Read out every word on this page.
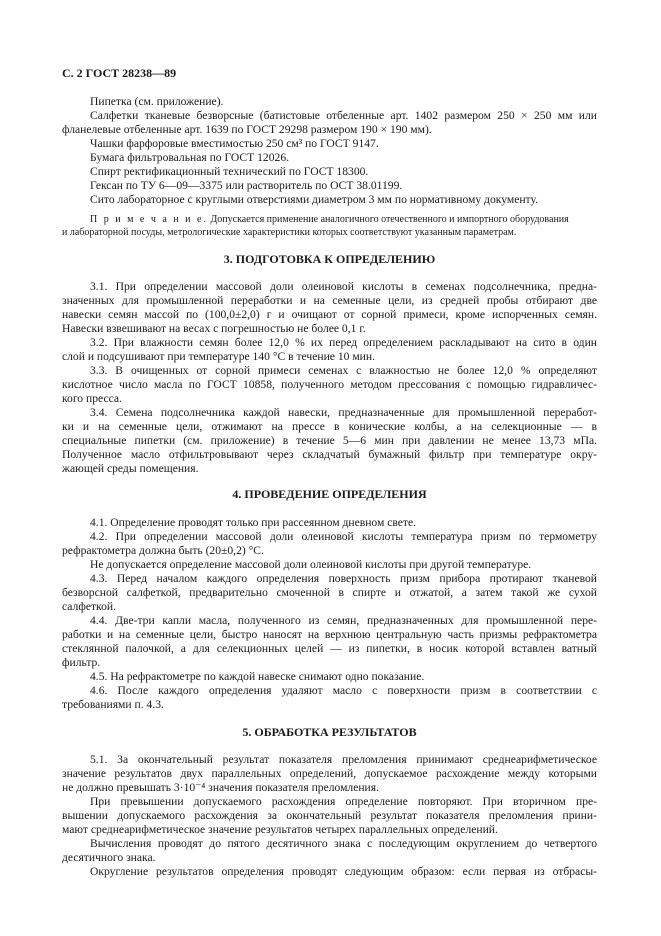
С. 2 ГОСТ 28238—89
Пипетка (см. приложение).
Салфетки тканевые безворсные (батистовые отбеленные арт. 1402 размером 250 × 250 мм или
фланелевые отбеленные арт. 1639 по ГОСТ 29298 размером 190 × 190 мм).
Чашки фарфоровые вместимостью 250 см³ по ГОСТ 9147.
Бумага фильтровальная по ГОСТ 12026.
Спирт ректификационный технический по ГОСТ 18300.
Гексан по ТУ 6—09—3375 или растворитель по ОСТ 38.01199.
Сито лабораторное с круглыми отверстиями диаметром 3 мм по нормативному документу.
П р и м е ч а н и е. Допускается применение аналогичного отечественного и импортного оборудования
и лабораторной посуды, метрологические характеристики которых соответствуют указанным параметрам.
3. ПОДГОТОВКА К ОПРЕДЕЛЕНИЮ
3.1. При определении массовой доли олеиновой кислоты в семенах подсолнечника, предна-
значенных для промышленной переработки и на семенные цели, из средней пробы отбирают две
навески семян массой по (100,0±2,0) г и очищают от сорной примеси, кроме испорченных семян.
Навески взвешивают на весах с погрешностью не более 0,1 г.
3.2. При влажности семян более 12,0 % их перед определением раскладывают на сито в один
слой и подсушивают при температуре 140 °С в течение 10 мин.
3.3. В очищенных от сорной примеси семенах с влажностью не более 12,0 % определяют
кислотное число масла по ГОСТ 10858, полученного методом прессования с помощью гидравличес-
кого пресса.
3.4. Семена подсолнечника каждой навески, предназначенные для промышленной переработ-
ки и на семенные цели, отжимают на прессе в конические колбы, а на селекционные — в
специальные пипетки (см. приложение) в течение 5—6 мин при давлении не менее 13,73 мПа.
Полученное масло отфильтровывают через складчатый бумажный фильтр при температуре окру-
жающей среды помещения.
4. ПРОВЕДЕНИЕ ОПРЕДЕЛЕНИЯ
4.1. Определение проводят только при рассеянном дневном свете.
4.2. При определении массовой доли олеиновой кислоты температура призм по термометру
рефрактометра должна быть (20±0,2) °С.
Не допускается определение массовой доли олеиновой кислоты при другой температуре.
4.3. Перед началом каждого определения поверхность призм прибора протирают тканевой
безворсной салфеткой, предварительно смоченной в спирте и отжатой, а затем такой же сухой
салфеткой.
4.4. Две-три капли масла, полученного из семян, предназначенных для промышленной пере-
работки и на семенные цели, быстро наносят на верхнюю центральную часть призмы рефрактометра
стеклянной палочкой, а для селекционных целей — из пипетки, в носик которой вставлен ватный
фильтр.
4.5. На рефрактометре по каждой навеске снимают одно показание.
4.6. После каждого определения удаляют масло с поверхности призм в соответствии с
требованиями п. 4.3.
5. ОБРАБОТКА РЕЗУЛЬТАТОВ
5.1. За окончательный результат показателя преломления принимают среднеарифметическое
значение результатов двух параллельных определений, допускаемое расхождение между которыми
не должно превышать 3·10⁻⁴ значения показателя преломления.
При превышении допускаемого расхождения определение повторяют. При вторичном пре-
вышении допускаемого расхождения за окончательный результат показателя преломления прини-
мают среднеарифметическое значение результатов четырех параллельных определений.
Вычисления проводят до пятого десятичного знака с последующим округлением до четвертого
десятичного знака.
Округление результатов определения проводят следующим образом: если первая из отбрасы-
